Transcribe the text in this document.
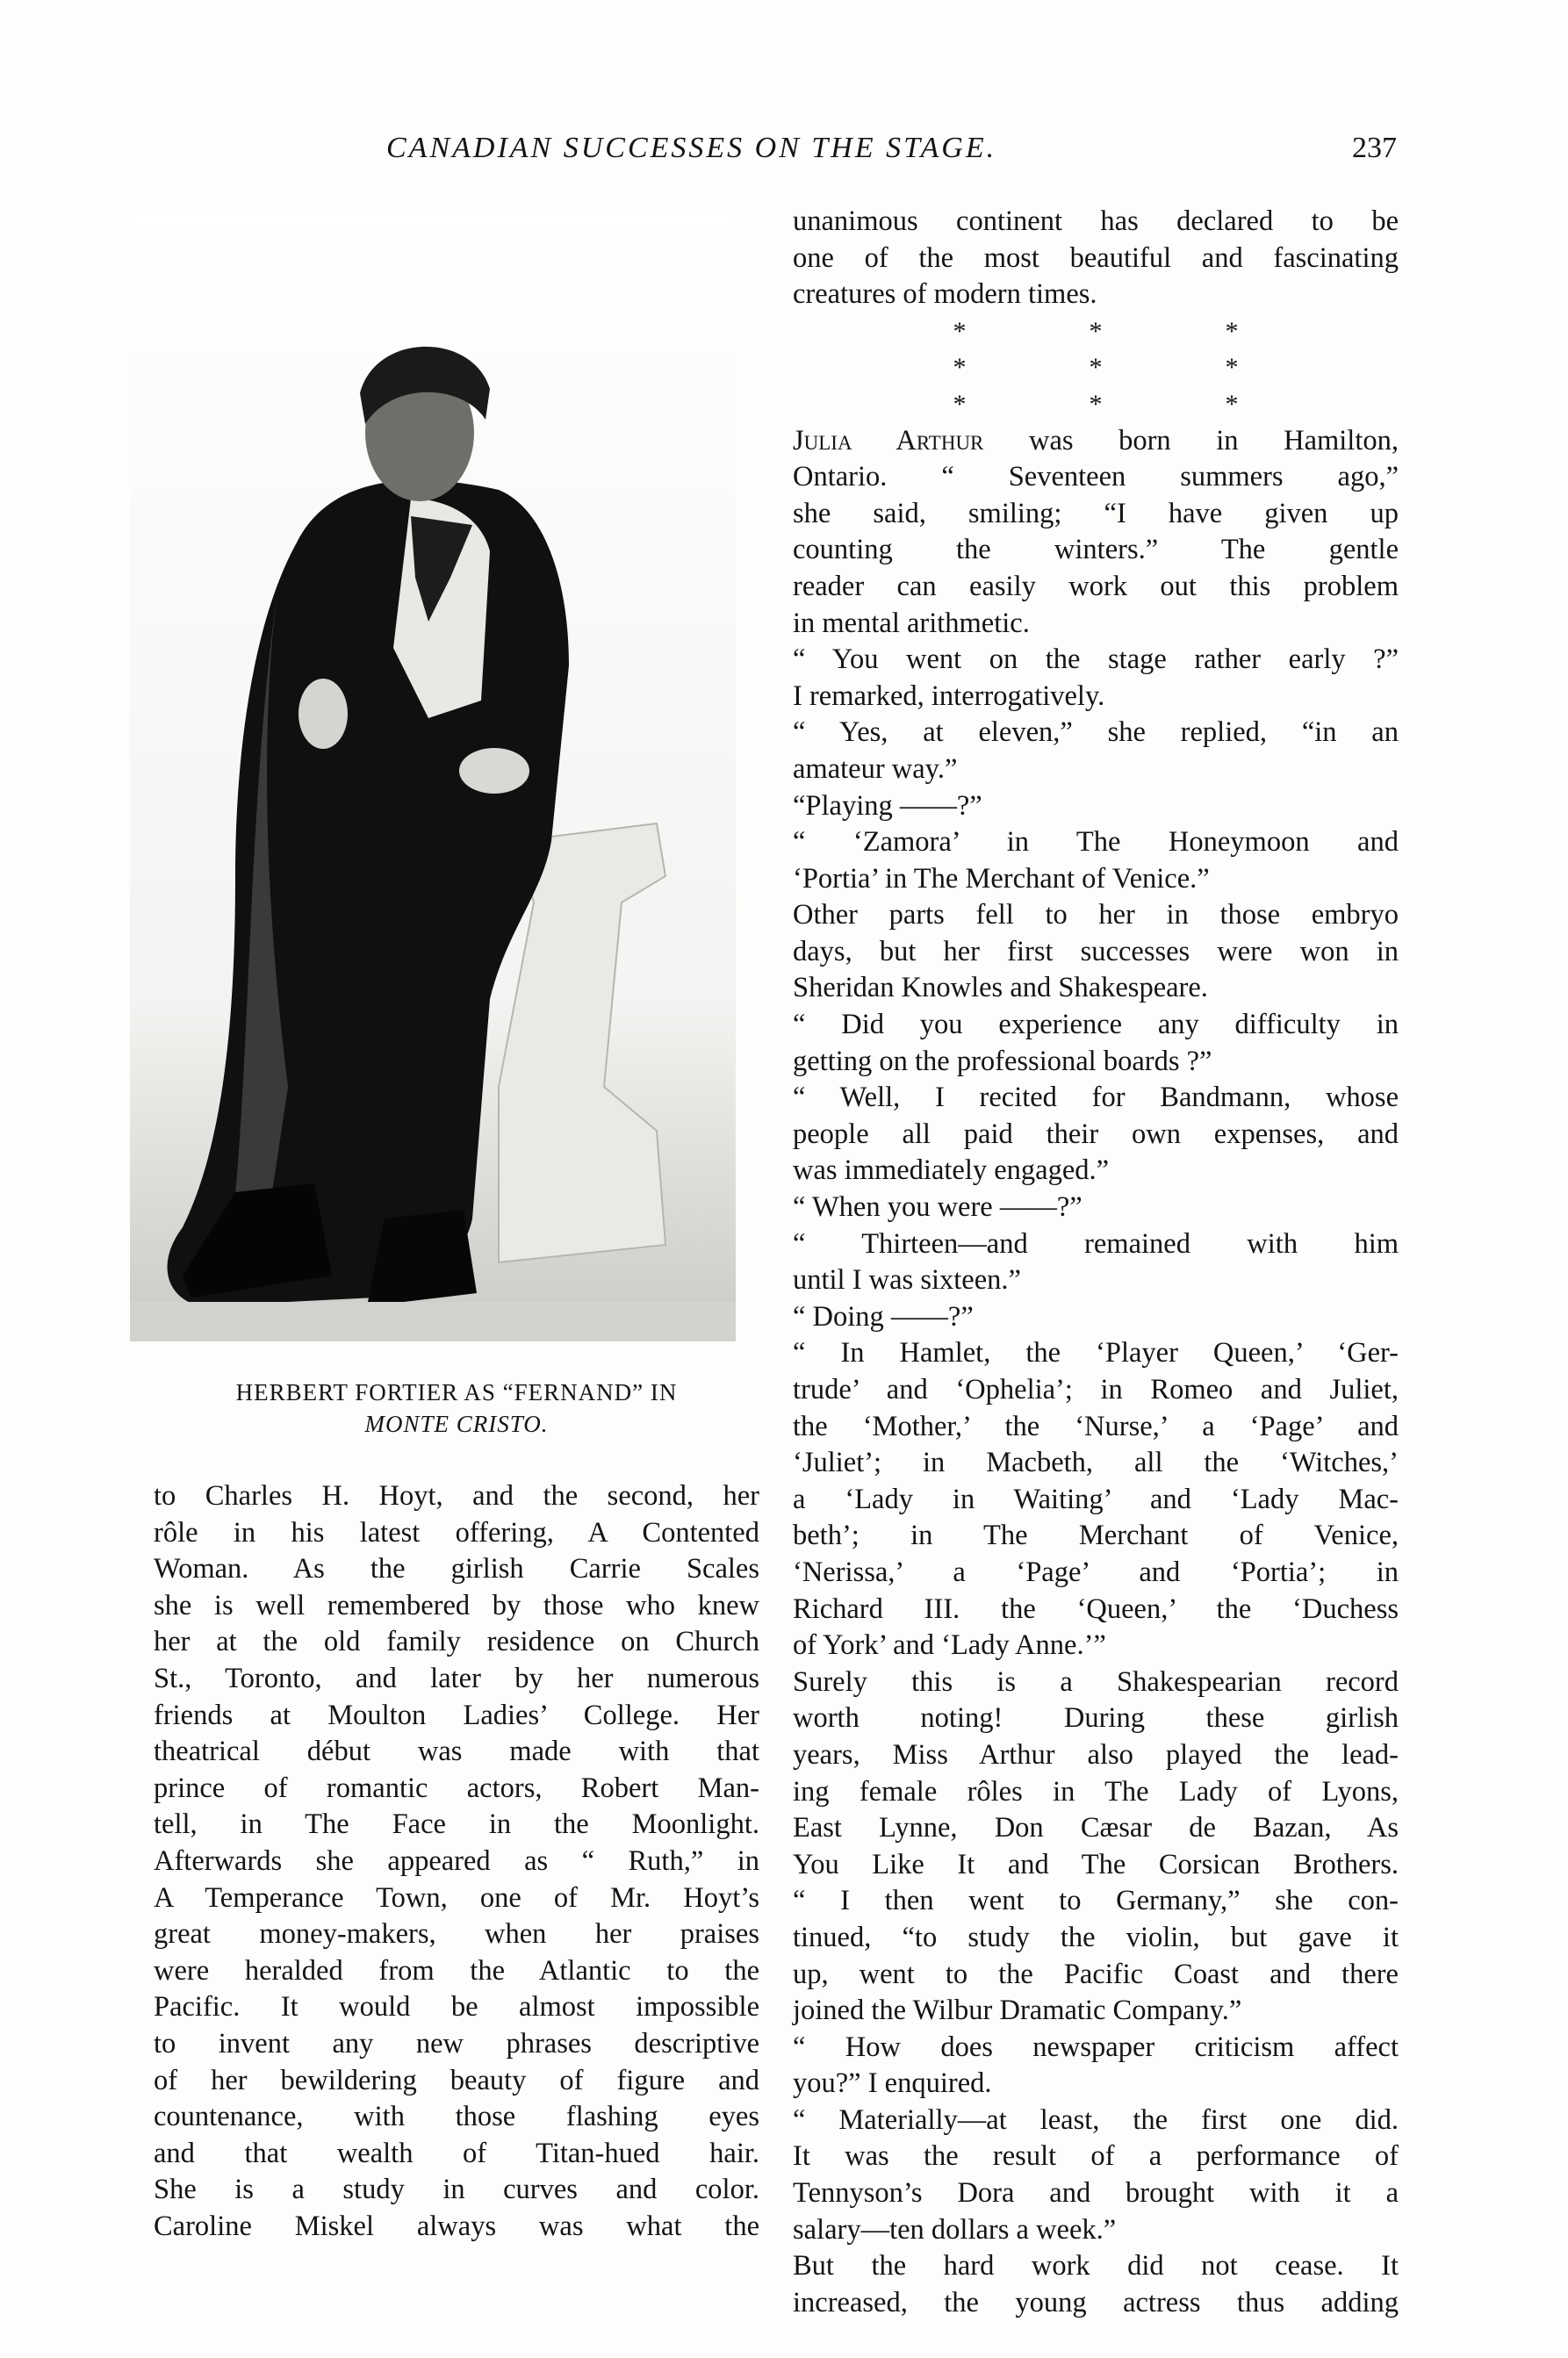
CANADIAN SUCCESSES ON THE STAGE.	237
HERBERT FORTIER AS “FERNAND” IN
MONTE CRISTO.

to Charles H. Hoyt, and the second, her
rôle in his latest offering, A Contented
Woman. As the girlish Carrie Scales
she is well remembered by those who knew
her at the old family residence on Church
St., Toronto, and later by her numerous
friends at Moulton Ladies’ College. Her
theatrical début was made with that
prince of romantic actors, Robert Man-
tell, in The Face in the Moonlight.
Afterwards she appeared as “ Ruth,” in
A Temperance Town, one of Mr. Hoyt’s
great money-makers, when her praises
were heralded from the Atlantic to the
Pacific. It would be almost impossible
to invent any new phrases descriptive
of her bewildering beauty of figure and
countenance, with those flashing eyes
and that wealth of Titan-hued hair.
She is a study in curves and color.
Caroline Miskel always was what the

unanimous continent has declared to be
one of the most beautiful and fascinating
creatures of modern times.

*** *** ***

Julia Arthur was born in Hamilton,
Ontario. “ Seventeen summers ago,”
she said, smiling; “I have given up
counting the winters.” The gentle
reader can easily work out this problem
in mental arithmetic.
“ You went on the stage rather early ?”
I remarked, interrogatively.
“ Yes, at eleven,” she replied, “in an
amateur way.”
“Playing ——?”
“ ‘Zamora’ in The Honeymoon and
‘Portia’ in The Merchant of Venice.”
Other parts fell to her in those embryo
days, but her first successes were won in
Sheridan Knowles and Shakespeare.
“ Did you experience any difficulty in
getting on the professional boards ?”
“ Well, I recited for Bandmann, whose
people all paid their own expenses, and
was immediately engaged.”
“ When you were ——?”
“ Thirteen—and remained with him
until I was sixteen.”
“ Doing ——?”
“ In Hamlet, the ‘Player Queen,’ ‘Ger-
trude’ and ‘Ophelia’; in Romeo and Juliet,
the ‘Mother,’ the ‘Nurse,’ a ‘Page’ and
‘Juliet’; in Macbeth, all the ‘Witches,’
a ‘Lady in Waiting’ and ‘Lady Mac-
beth’; in The Merchant of Venice,
‘Nerissa,’ a ‘Page’ and ‘Portia’; in
Richard III. the ‘Queen,’ the ‘Duchess
of York’ and ‘Lady Anne.’”
Surely this is a Shakespearian record
worth noting! During these girlish
years, Miss Arthur also played the lead-
ing female rôles in The Lady of Lyons,
East Lynne, Don Cæsar de Bazan, As
You Like It and The Corsican Brothers.
“ I then went to Germany,” she con-
tinued, “to study the violin, but gave it
up, went to the Pacific Coast and there
joined the Wilbur Dramatic Company.”
“ How does newspaper criticism affect
you?” I enquired.
“ Materially—at least, the first one did.
It was the result of a performance of
Tennyson’s Dora and brought with it a
salary—ten dollars a week.”
But the hard work did not cease. It
increased, the young actress thus adding
